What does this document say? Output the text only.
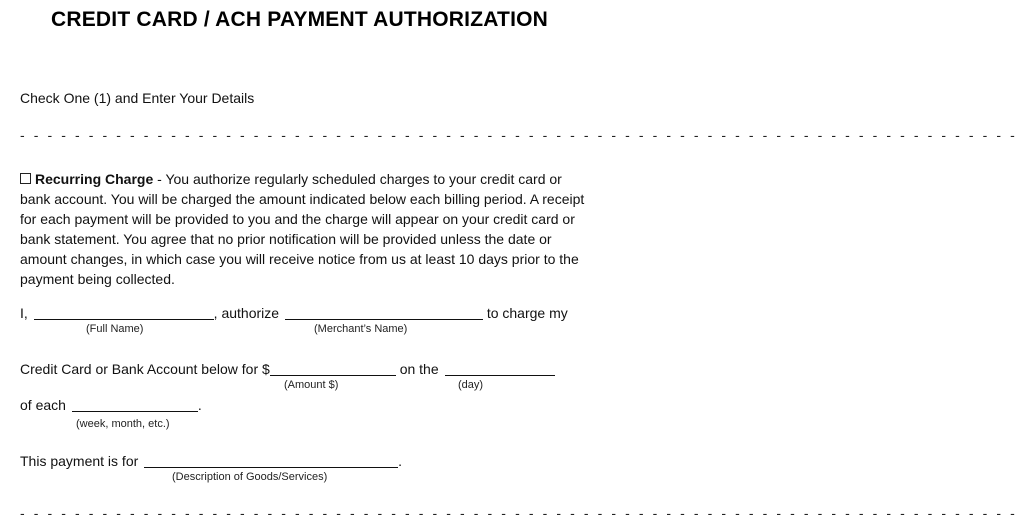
CREDIT CARD / ACH PAYMENT AUTHORIZATION
Check One (1) and Enter Your Details
- - - - - - - - - - - - - - - - - - - - - - - - - - - - - - - - - - - - - - - - - - - - - - - - - - - - - - - - - - - - - - - - - - - - - - - - -
Recurring Charge - You authorize regularly scheduled charges to your credit card or bank account. You will be charged the amount indicated below each billing period. A receipt for each payment will be provided to you and the charge will appear on your credit card or bank statement. You agree that no prior notification will be provided unless the date or amount changes, in which case you will receive notice from us at least 10 days prior to the payment being collected.
I,	, authorize	to charge my
(Full Name)	(Merchant’s Name)
Credit Card or Bank Account below for $	on the
(Amount $)	(day)
of each	.
(week, month, etc.)
This payment is for	.
(Description of Goods/Services)
- - - - - - - - - - - - - - - - - - - - - - - - - - - - - - - - - - - - - - - - - - - - - - - - - - - - - - - - - - - - - - - - - - - - - - - - -
